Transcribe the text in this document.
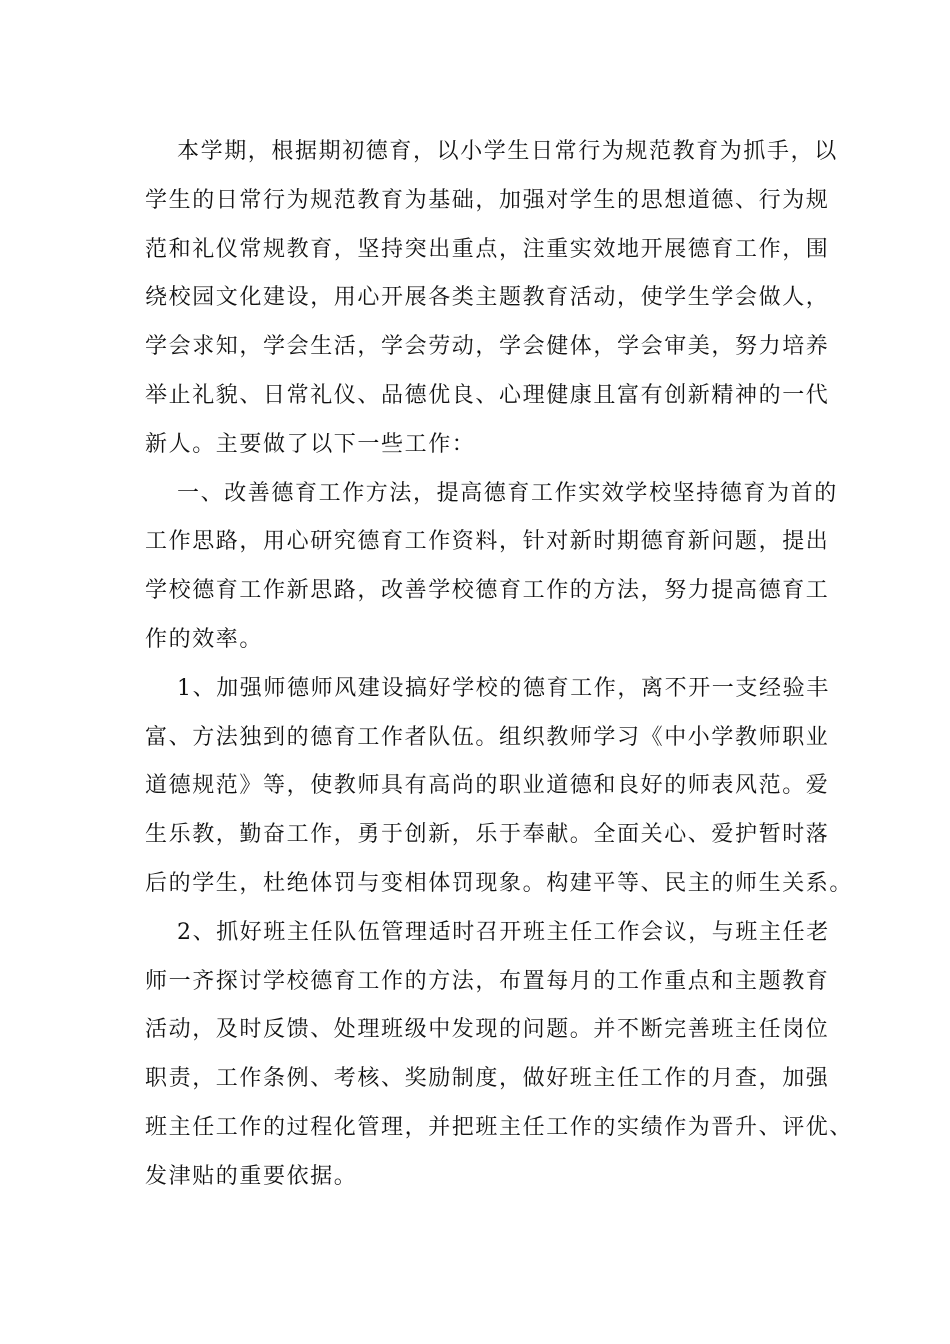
本学期，根据期初德育，以小学生日常行为规范教育为抓手，以
学生的日常行为规范教育为基础，加强对学生的思想道德、行为规
范和礼仪常规教育，坚持突出重点，注重实效地开展德育工作，围
绕校园文化建设，用心开展各类主题教育活动，使学生学会做人，
学会求知，学会生活，学会劳动，学会健体，学会审美，努力培养
举止礼貌、日常礼仪、品德优良、心理健康且富有创新精神的一代
新人。主要做了以下一些工作：

一、改善德育工作方法，提高德育工作实效学校坚持德育为首的
工作思路，用心研究德育工作资料，针对新时期德育新问题，提出
学校德育工作新思路，改善学校德育工作的方法，努力提高德育工
作的效率。

1、加强师德师风建设搞好学校的德育工作，离不开一支经验丰
富、方法独到的德育工作者队伍。组织教师学习《中小学教师职业
道德规范》等，使教师具有高尚的职业道德和良好的师表风范。爱
生乐教，勤奋工作，勇于创新，乐于奉献。全面关心、爱护暂时落
后的学生，杜绝体罚与变相体罚现象。构建平等、民主的师生关系。

2、抓好班主任队伍管理适时召开班主任工作会议，与班主任老
师一齐探讨学校德育工作的方法，布置每月的工作重点和主题教育
活动，及时反馈、处理班级中发现的问题。并不断完善班主任岗位
职责，工作条例、考核、奖励制度，做好班主任工作的月查，加强
班主任工作的过程化管理，并把班主任工作的实绩作为晋升、评优、
发津贴的重要依据。
